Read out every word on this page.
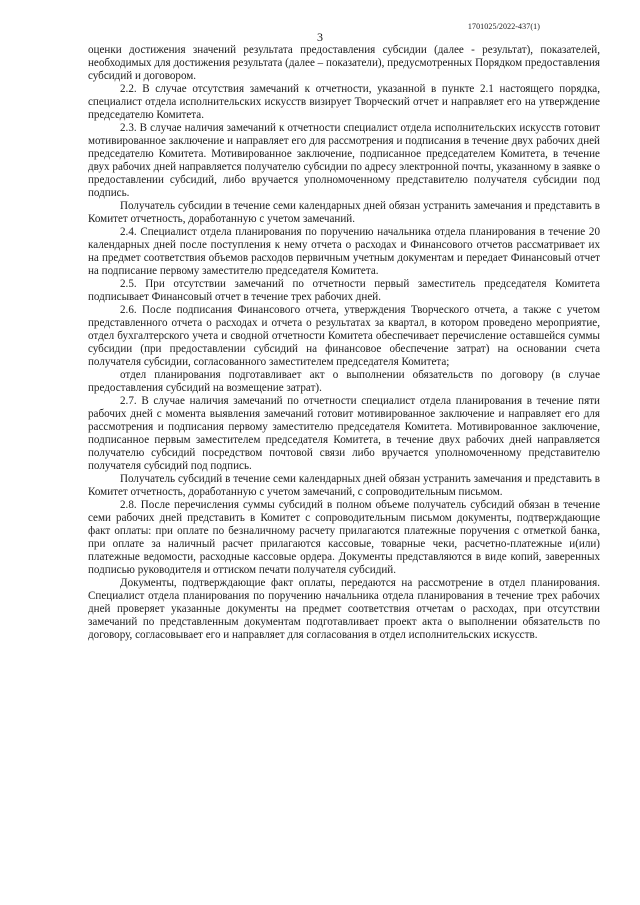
3
1701025/2022-437(1)

оценки достижения значений результата предоставления субсидии (далее - результат), показателей, необходимых для достижения результата (далее – показатели), предусмотренных Порядком предоставления субсидий и договором.

2.2. В случае отсутствия замечаний к отчетности, указанной в пункте 2.1 настоящего порядка, специалист отдела исполнительских искусств визирует Творческий отчет и направляет его на утверждение председателю Комитета.

2.3. В случае наличия замечаний к отчетности специалист отдела исполнительских искусств готовит мотивированное заключение и направляет его для рассмотрения и подписания в течение двух рабочих дней председателю Комитета. Мотивированное заключение, подписанное председателем Комитета, в течение двух рабочих дней направляется получателю субсидии по адресу электронной почты, указанному в заявке о предоставлении субсидий, либо вручается уполномоченному представителю получателя субсидии под подпись.

Получатель субсидии в течение семи календарных дней обязан устранить замечания и представить в Комитет отчетность, доработанную с учетом замечаний.

2.4. Специалист отдела планирования по поручению начальника отдела планирования в течение 20 календарных дней после поступления к нему отчета о расходах и Финансового отчетов рассматривает их на предмет соответствия объемов расходов первичным учетным документам и передает Финансовый отчет на подписание первому заместителю председателя Комитета.

2.5. При отсутствии замечаний по отчетности первый заместитель председателя Комитета подписывает Финансовый отчет в течение трех рабочих дней.

2.6. После подписания Финансового отчета, утверждения Творческого отчета, а также с учетом представленного отчета о расходах и отчета о результатах за квартал, в котором проведено мероприятие, отдел бухгалтерского учета и сводной отчетности Комитета обеспечивает перечисление оставшейся суммы субсидии (при предоставлении субсидий на финансовое обеспечение затрат) на основании счета получателя субсидии, согласованного заместителем председателя Комитета;

отдел планирования подготавливает акт о выполнении обязательств по договору (в случае предоставления субсидий на возмещение затрат).

2.7. В случае наличия замечаний по отчетности специалист отдела планирования в течение пяти рабочих дней с момента выявления замечаний готовит мотивированное заключение и направляет его для рассмотрения и подписания первому заместителю председателя Комитета. Мотивированное заключение, подписанное первым заместителем председателя Комитета, в течение двух рабочих дней направляется получателю субсидий посредством почтовой связи либо вручается уполномоченному представителю получателя субсидий под подпись.

Получатель субсидий в течение семи календарных дней обязан устранить замечания и представить в Комитет отчетность, доработанную с учетом замечаний, с сопроводительным письмом.

2.8. После перечисления суммы субсидий в полном объеме получатель субсидий обязан в течение семи рабочих дней представить в Комитет с сопроводительным письмом документы, подтверждающие факт оплаты: при оплате по безналичному расчету прилагаются платежные поручения с отметкой банка, при оплате за наличный расчет прилагаются кассовые, товарные чеки, расчетно-платежные и(или) платежные ведомости, расходные кассовые ордера. Документы представляются в виде копий, заверенных подписью руководителя и оттиском печати получателя субсидий.

Документы, подтверждающие факт оплаты, передаются на рассмотрение в отдел планирования. Специалист отдела планирования по поручению начальника отдела планирования в течение трех рабочих дней проверяет указанные документы на предмет соответствия отчетам о расходах, при отсутствии замечаний по представленным документам подготавливает проект акта о выполнении обязательств по договору, согласовывает его и направляет для согласования в отдел исполнительских искусств.
